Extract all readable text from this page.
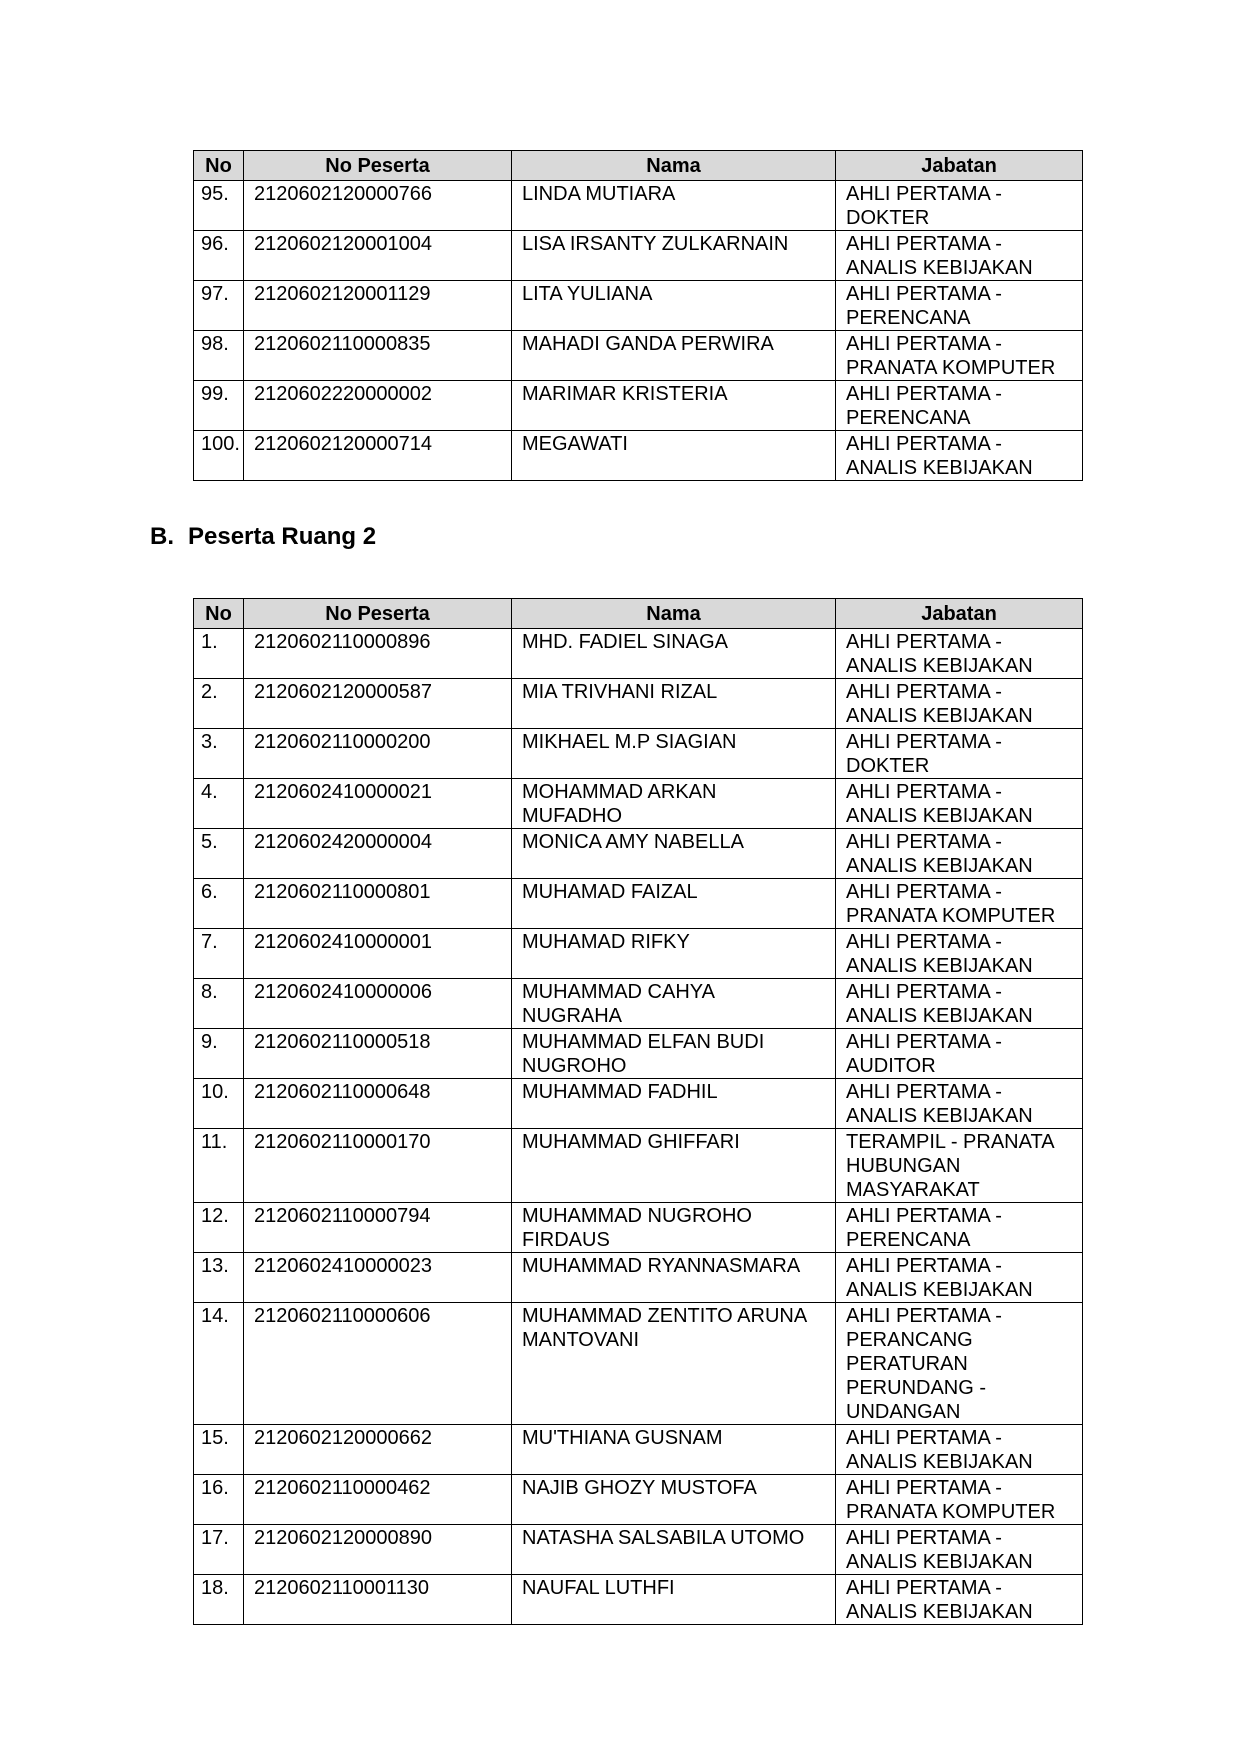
No	No Peserta	Nama	Jabatan
95.	2120602120000766	LINDA MUTIARA	AHLI PERTAMA -
DOKTER
96.	2120602120001004	LISA IRSANTY ZULKARNAIN	AHLI PERTAMA -
ANALIS KEBIJAKAN
97.	2120602120001129	LITA YULIANA	AHLI PERTAMA -
PERENCANA
98.	2120602110000835	MAHADI GANDA PERWIRA	AHLI PERTAMA -
PRANATA KOMPUTER
99.	2120602220000002	MARIMAR KRISTERIA	AHLI PERTAMA -
PERENCANA
100.	2120602120000714	MEGAWATI	AHLI PERTAMA -
ANALIS KEBIJAKAN
B. Peserta Ruang 2
No	No Peserta	Nama	Jabatan
1.	2120602110000896	MHD. FADIEL SINAGA	AHLI PERTAMA -
ANALIS KEBIJAKAN
2.	2120602120000587	MIA TRIVHANI RIZAL	AHLI PERTAMA -
ANALIS KEBIJAKAN
3.	2120602110000200	MIKHAEL M.P SIAGIAN	AHLI PERTAMA -
DOKTER
4.	2120602410000021	MOHAMMAD ARKAN
MUFADHO	AHLI PERTAMA -
ANALIS KEBIJAKAN
5.	2120602420000004	MONICA AMY NABELLA	AHLI PERTAMA -
ANALIS KEBIJAKAN
6.	2120602110000801	MUHAMAD FAIZAL	AHLI PERTAMA -
PRANATA KOMPUTER
7.	2120602410000001	MUHAMAD RIFKY	AHLI PERTAMA -
ANALIS KEBIJAKAN
8.	2120602410000006	MUHAMMAD CAHYA
NUGRAHA	AHLI PERTAMA -
ANALIS KEBIJAKAN
9.	2120602110000518	MUHAMMAD ELFAN BUDI
NUGROHO	AHLI PERTAMA -
AUDITOR
10.	2120602110000648	MUHAMMAD FADHIL	AHLI PERTAMA -
ANALIS KEBIJAKAN
11.	2120602110000170	MUHAMMAD GHIFFARI	TERAMPIL - PRANATA
HUBUNGAN
MASYARAKAT
12.	2120602110000794	MUHAMMAD NUGROHO
FIRDAUS	AHLI PERTAMA -
PERENCANA
13.	2120602410000023	MUHAMMAD RYANNASMARA	AHLI PERTAMA -
ANALIS KEBIJAKAN
14.	2120602110000606	MUHAMMAD ZENTITO ARUNA
MANTOVANI	AHLI PERTAMA -
PERANCANG
PERATURAN
PERUNDANG -
UNDANGAN
15.	2120602120000662	MU'THIANA GUSNAM	AHLI PERTAMA -
ANALIS KEBIJAKAN
16.	2120602110000462	NAJIB GHOZY MUSTOFA	AHLI PERTAMA -
PRANATA KOMPUTER
17.	2120602120000890	NATASHA SALSABILA UTOMO	AHLI PERTAMA -
ANALIS KEBIJAKAN
18.	2120602110001130	NAUFAL LUTHFI	AHLI PERTAMA -
ANALIS KEBIJAKAN
